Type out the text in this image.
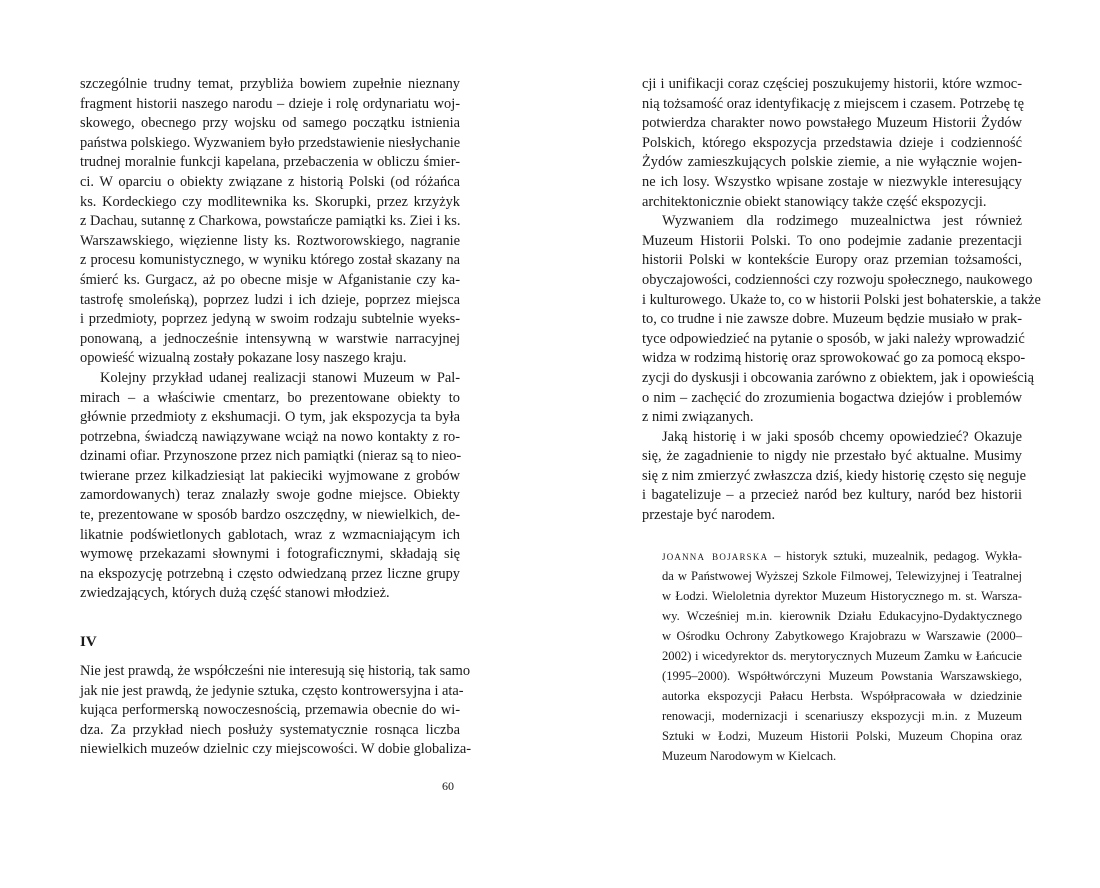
szczególnie trudny temat, przybliża bowiem zupełnie nieznany
fragment historii naszego narodu – dzieje i rolę ordynariatu woj-
skowego, obecnego przy wojsku od samego początku istnienia
państwa polskiego. Wyzwaniem było przedstawienie niesłychanie
trudnej moralnie funkcji kapelana, przebaczenia w obliczu śmier-
ci. W oparciu o obiekty związane z historią Polski (od różańca
ks. Kordeckiego czy modlitewnika ks. Skorupki, przez krzyżyk
z Dachau, sutannę z Charkowa, powstańcze pamiątki ks. Ziei i ks.
Warszawskiego, więzienne listy ks. Roztworowskiego, nagranie
z procesu komunistycznego, w wyniku którego został skazany na
śmierć ks. Gurgacz, aż po obecne misje w Afganistanie czy ka-
tastrofę smoleńską), poprzez ludzi i ich dzieje, poprzez miejsca
i przedmioty, poprzez jedyną w swoim rodzaju subtelnie wyeks-
ponowaną, a jednocześnie intensywną w warstwie narracyjnej
opowieść wizualną zostały pokazane losy naszego kraju.
Kolejny przykład udanej realizacji stanowi Muzeum w Pal-
mirach – a właściwie cmentarz, bo prezentowane obiekty to
głównie przedmioty z ekshumacji. O tym, jak ekspozycja ta była
potrzebna, świadczą nawiązywane wciąż na nowo kontakty z ro-
dzinami ofiar. Przynoszone przez nich pamiątki (nieraz są to nieo-
twierane przez kilkadziesiąt lat pakieciki wyjmowane z grobów
zamordowanych) teraz znalazły swoje godne miejsce. Obiekty
te, prezentowane w sposób bardzo oszczędny, w niewielkich, de-
likatnie podświetlonych gablotach, wraz z wzmacniającym ich
wymowę przekazami słownymi i fotograficznymi, składają się
na ekspozycję potrzebną i często odwiedzaną przez liczne grupy
zwiedzających, których dużą część stanowi młodzież.
IV
Nie jest prawdą, że współcześni nie interesują się historią, tak samo
jak nie jest prawdą, że jedynie sztuka, często kontrowersyjna i ata-
kująca performerską nowoczesnością, przemawia obecnie do wi-
dza. Za przykład niech posłuży systematycznie rosnąca liczba
niewielkich muzeów dzielnic czy miejscowości. W dobie globaliza-
60
cji i unifikacji coraz częściej poszukujemy historii, które wzmoc-
nią tożsamość oraz identyfikację z miejscem i czasem. Potrzebę tę
potwierdza charakter nowo powstałego Muzeum Historii Żydów
Polskich, którego ekspozycja przedstawia dzieje i codzienność
Żydów zamieszkujących polskie ziemie, a nie wyłącznie wojen-
ne ich losy. Wszystko wpisane zostaje w niezwykle interesujący
architektonicznie obiekt stanowiący także część ekspozycji.
Wyzwaniem dla rodzimego muzealnictwa jest również
Muzeum Historii Polski. To ono podejmie zadanie prezentacji
historii Polski w kontekście Europy oraz przemian tożsamości,
obyczajowości, codzienności czy rozwoju społecznego, naukowego
i kulturowego. Ukaże to, co w historii Polski jest bohaterskie, a także
to, co trudne i nie zawsze dobre. Muzeum będzie musiało w prak-
tyce odpowiedzieć na pytanie o sposób, w jaki należy wprowadzić
widza w rodzimą historię oraz sprowokować go za pomocą ekspo-
zycji do dyskusji i obcowania zarówno z obiektem, jak i opowieścią
o nim – zachęcić do zrozumienia bogactwa dziejów i problemów
z nimi związanych.
Jaką historię i w jaki sposób chcemy opowiedzieć? Okazuje
się, że zagadnienie to nigdy nie przestało być aktualne. Musimy
się z nim zmierzyć zwłaszcza dziś, kiedy historię często się neguje
i bagatelizuje – a przecież naród bez kultury, naród bez historii
przestaje być narodem.
joanna bojarska – historyk sztuki, muzealnik, pedagog. Wykła-
da w Państwowej Wyższej Szkole Filmowej, Telewizyjnej i Teatralnej
w Łodzi. Wieloletnia dyrektor Muzeum Historycznego m. st. Warsza-
wy. Wcześniej m.in. kierownik Działu Edukacyjno-Dydaktycznego
w Ośrodku Ochrony Zabytkowego Krajobrazu w Warszawie (2000–
2002) i wicedyrektor ds. merytorycznych Muzeum Zamku w Łańcucie
(1995–2000). Współtwórczyni Muzeum Powstania Warszawskiego,
autorka ekspozycji Pałacu Herbsta. Współpracowała w dziedzinie
renowacji, modernizacji i scenariuszy ekspozycji m.in. z Muzeum
Sztuki w Łodzi, Muzeum Historii Polski, Muzeum Chopina oraz
Muzeum Narodowym w Kielcach.
